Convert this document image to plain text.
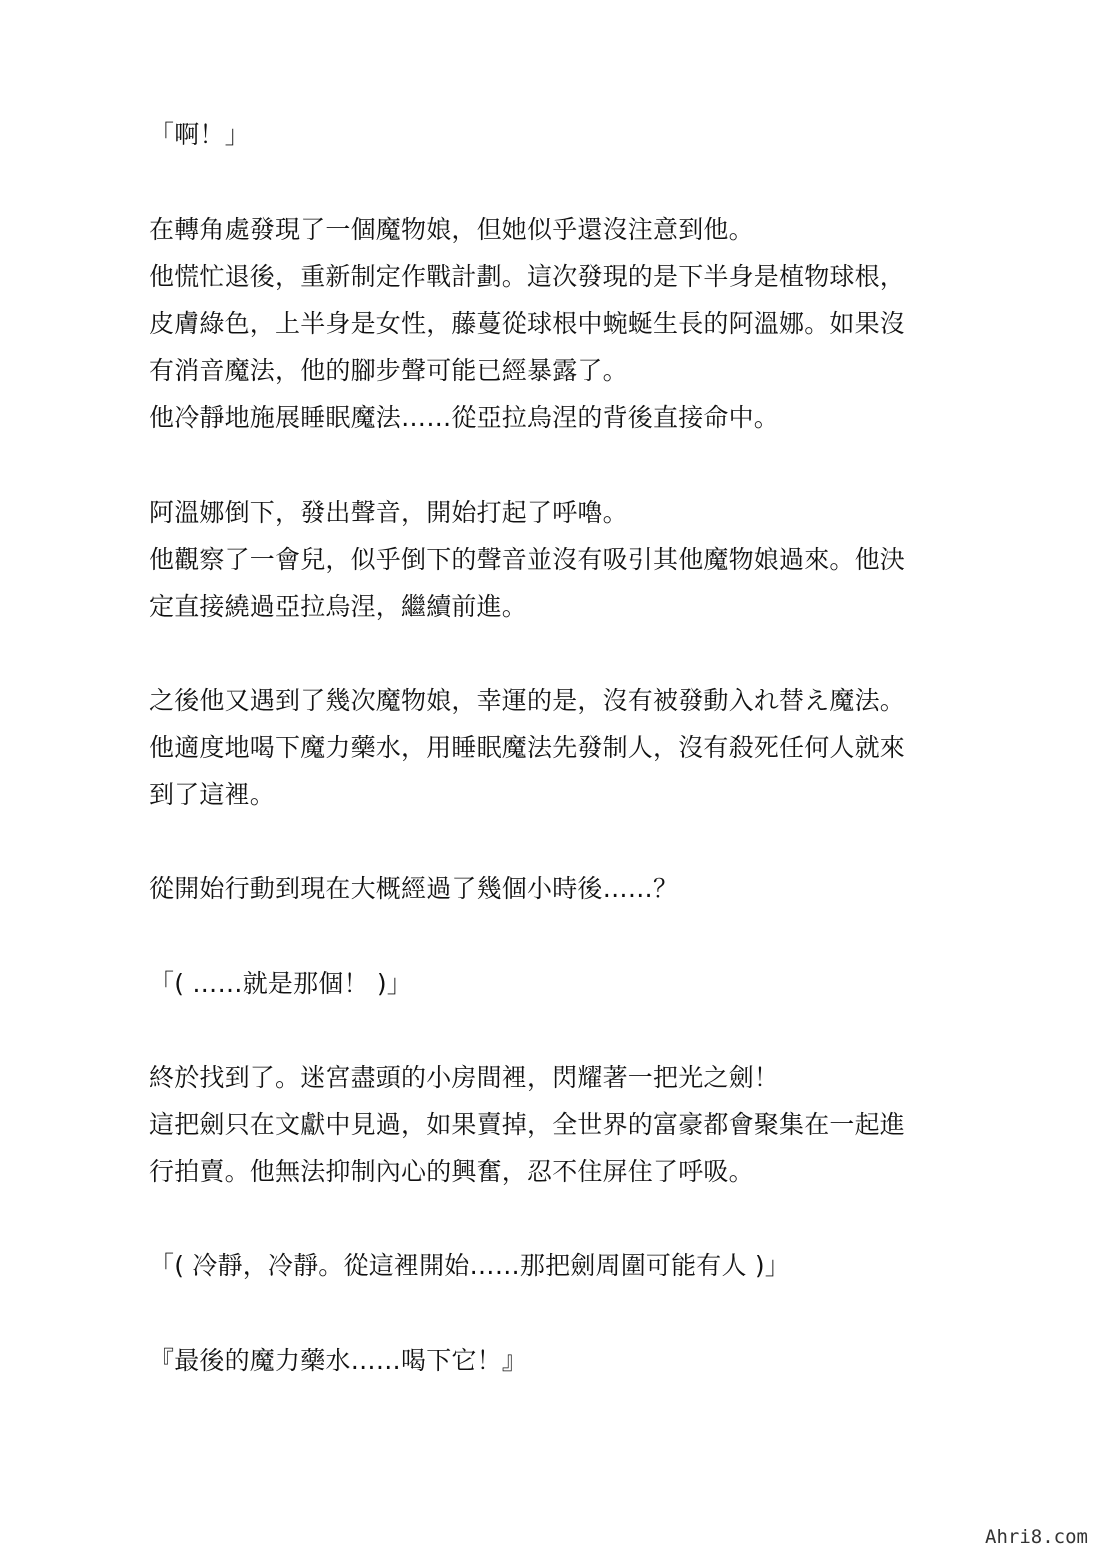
「啊！」
在轉角處發現了一個魔物娘，但她似乎還沒注意到他。
他慌忙退後，重新制定作戰計劃。這次發現的是下半身是植物球根，
皮膚綠色，上半身是女性，藤蔓從球根中蜿蜒生長的阿溫娜。如果沒
有消音魔法，他的腳步聲可能已經暴露了。
他冷靜地施展睡眠魔法……從亞拉烏涅的背後直接命中。
阿溫娜倒下，發出聲音，開始打起了呼嚕。
他觀察了一會兒，似乎倒下的聲音並沒有吸引其他魔物娘過來。他決
定直接繞過亞拉烏涅，繼續前進。
之後他又遇到了幾次魔物娘，幸運的是，沒有被發動入れ替え魔法。
他適度地喝下魔力藥水，用睡眠魔法先發制人，沒有殺死任何人就來
到了這裡。
從開始行動到現在大概經過了幾個小時後……？
「( ……就是那個！ )」
終於找到了。迷宮盡頭的小房間裡，閃耀著一把光之劍！
這把劍只在文獻中見過，如果賣掉，全世界的富豪都會聚集在一起進
行拍賣。他無法抑制內心的興奮，忍不住屏住了呼吸。
「( 冷靜，冷靜。從這裡開始……那把劍周圍可能有人 )」
『最後的魔力藥水……喝下它！』
Ahri8.com
